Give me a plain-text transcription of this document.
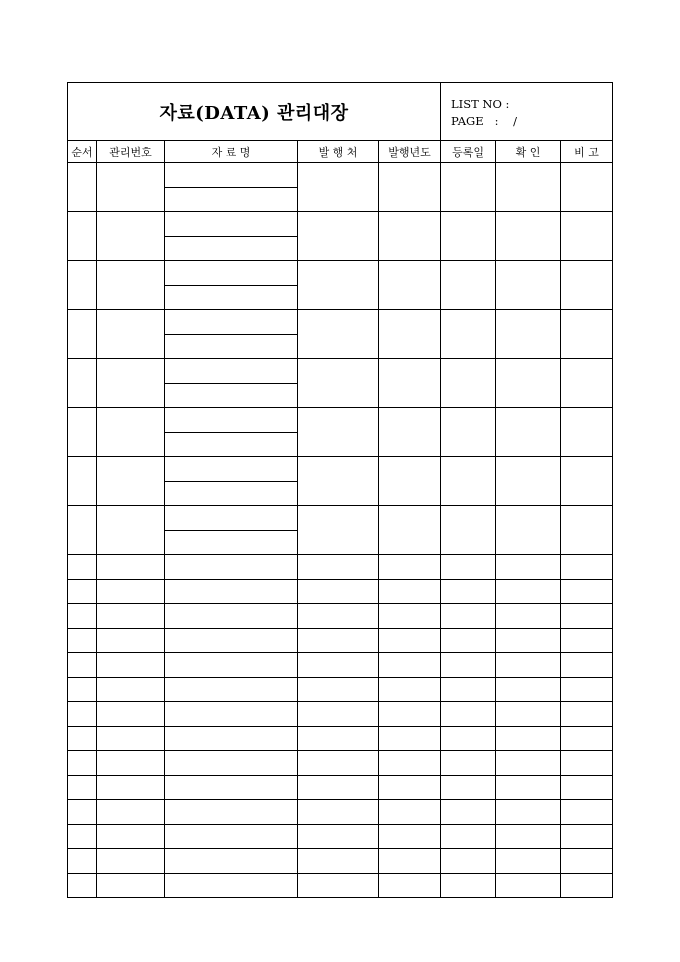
자료(DATA) 관리대장					LIST NO :
PAGE   :    /		

순서	관리번호	자 료 명	발 행 처	발행년도	등록일	확 인	비 고
